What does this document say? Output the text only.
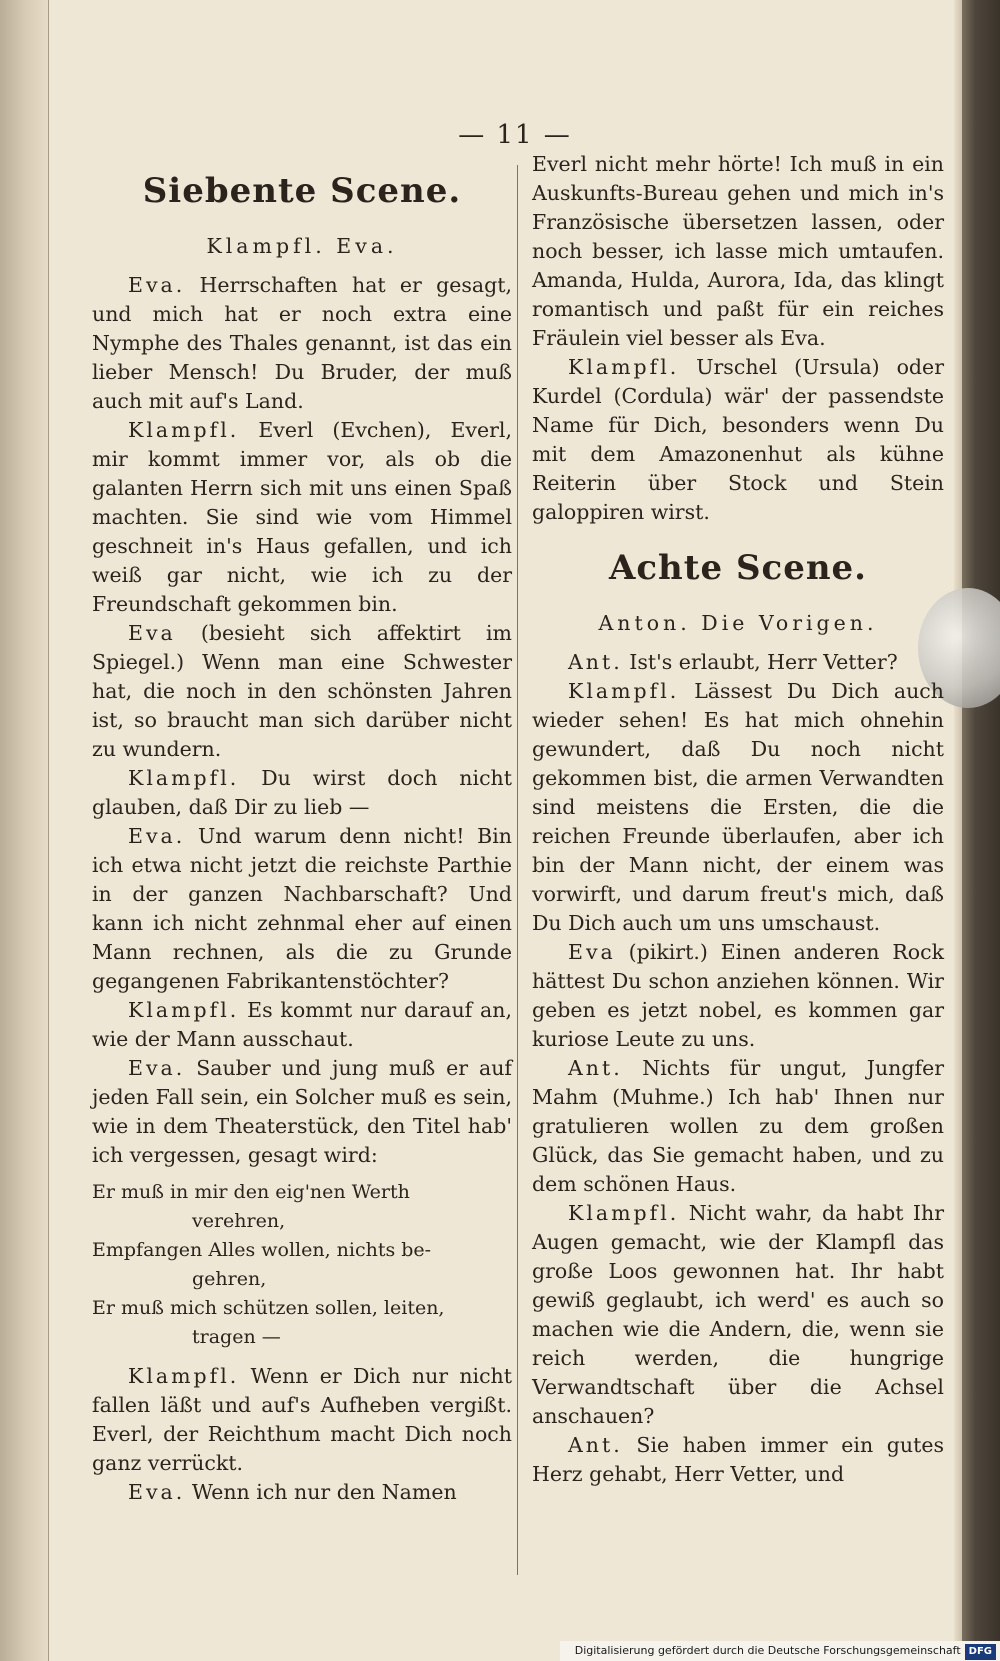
— 11 —
Siebente Scene.
Klampfl. Eva.

Eva. Herrschaften hat er gesagt, und mich hat er noch extra eine Nymphe des Thales genannt, ist das ein lieber Mensch! Du Bruder, der muß auch mit auf's Land.

Klampfl. Everl (Evchen), Everl, mir kommt immer vor, als ob die galanten Herrn sich mit uns einen Spaß machten. Sie sind wie vom Himmel geschneit in's Haus gefallen, und ich weiß gar nicht, wie ich zu der Freundschaft gekommen bin.

Eva (besieht sich affektirt im Spiegel.) Wenn man eine Schwester hat, die noch in den schönsten Jahren ist, so braucht man sich darüber nicht zu wundern.

Klampfl. Du wirst doch nicht glauben, daß Dir zu lieb —

Eva. Und warum denn nicht! Bin ich etwa nicht jetzt die reichste Parthie in der ganzen Nachbarschaft? Und kann ich nicht zehnmal eher auf einen Mann rechnen, als die zu Grunde gegangenen Fabrikantenstöchter?

Klampfl. Es kommt nur darauf an, wie der Mann ausschaut.

Eva. Sauber und jung muß er auf jeden Fall sein, ein Solcher muß es sein, wie in dem Theaterstück, den Titel hab' ich vergessen, gesagt wird:

Er muß in mir den eig'nen Werth

verehren,

Empfangen Alles wollen, nichts be-

gehren,

Er muß mich schützen sollen, leiten,

tragen —

Klampfl. Wenn er Dich nur nicht fallen läßt und auf's Aufheben vergißt. Everl, der Reichthum macht Dich noch ganz verrückt.

Eva. Wenn ich nur den Namen

Everl nicht mehr hörte! Ich muß in ein Auskunfts-Bureau gehen und mich in's Französische übersetzen lassen, oder noch besser, ich lasse mich umtaufen. Amanda, Hulda, Aurora, Ida, das klingt romantisch und paßt für ein reiches Fräulein viel besser als Eva.

Klampfl. Urschel (Ursula) oder Kurdel (Cordula) wär' der passendste Name für Dich, besonders wenn Du mit dem Amazonenhut als kühne Reiterin über Stock und Stein galoppiren wirst.

Achte Scene.
Anton. Die Vorigen.

Ant. Ist's erlaubt, Herr Vetter?

Klampfl. Lässest Du Dich auch wieder sehen! Es hat mich ohnehin gewundert, daß Du noch nicht gekommen bist, die armen Verwandten sind meistens die Ersten, die die reichen Freunde überlaufen, aber ich bin der Mann nicht, der einem was vorwirft, und darum freut's mich, daß Du Dich auch um uns umschaust.

Eva (pikirt.) Einen anderen Rock hättest Du schon anziehen können. Wir geben es jetzt nobel, es kommen gar kuriose Leute zu uns.

Ant. Nichts für ungut, Jungfer Mahm (Muhme.) Ich hab' Ihnen nur gratulieren wollen zu dem großen Glück, das Sie gemacht haben, und zu dem schönen Haus.

Klampfl. Nicht wahr, da habt Ihr Augen gemacht, wie der Klampfl das große Loos gewonnen hat. Ihr habt gewiß geglaubt, ich werd' es auch so machen wie die Andern, die, wenn sie reich werden, die hungrige Verwandtschaft über die Achsel anschauen?

Ant. Sie haben immer ein gutes Herz gehabt, Herr Vetter, und

Digitalisierung gefördert durch die Deutsche Forschungsgemeinschaft DFG
